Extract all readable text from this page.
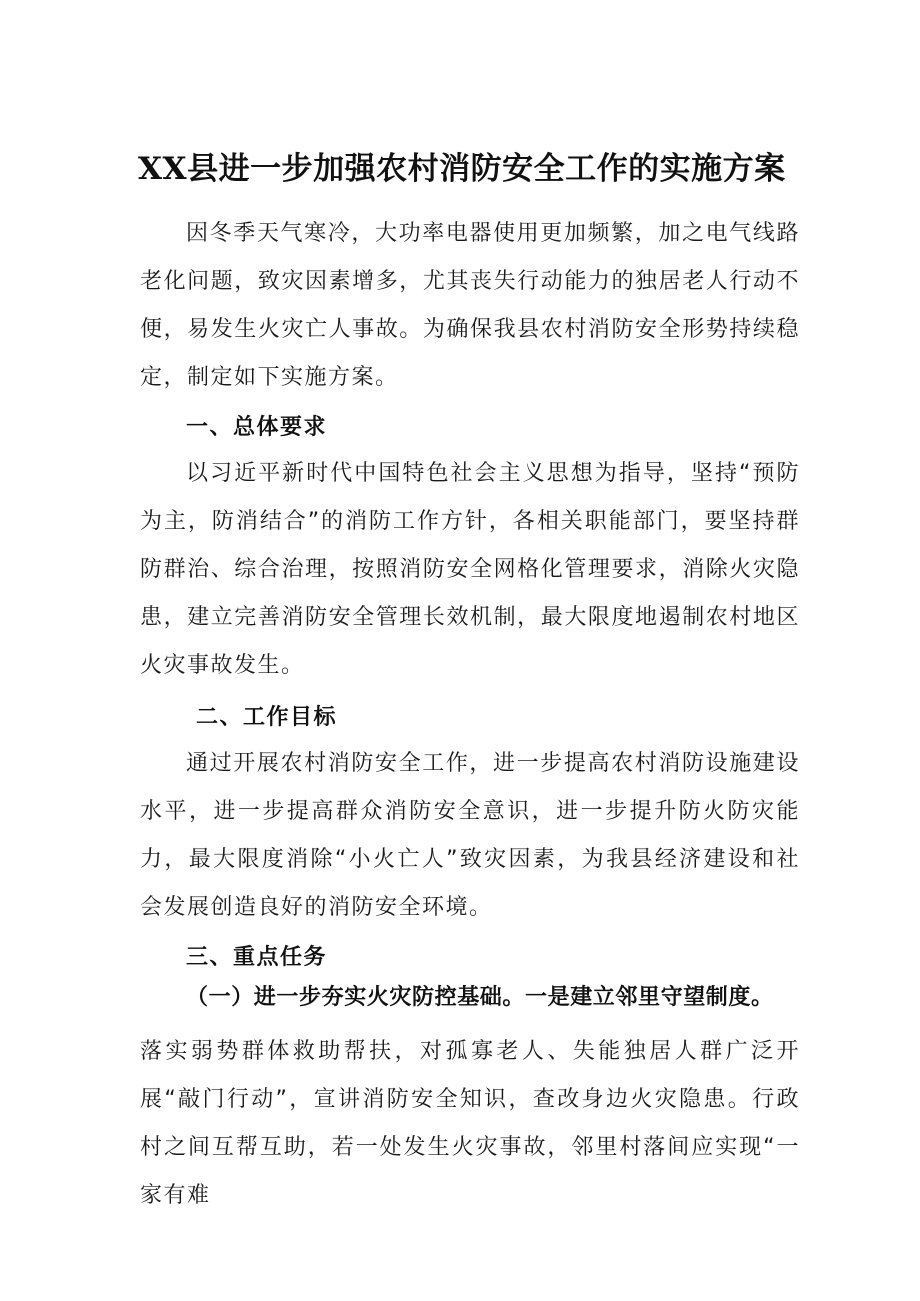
XX县进一步加强农村消防安全工作的实施方案

因冬季天气寒冷，大功率电器使用更加频繁，加之电气线路老化问题，致灾因素增多，尤其丧失行动能力的独居老人行动不便，易发生火灾亡人事故。为确保我县农村消防安全形势持续稳定，制定如下实施方案。

一、总体要求

以习近平新时代中国特色社会主义思想为指导，坚持“预防为主，防消结合”的消防工作方针，各相关职能部门，要坚持群防群治、综合治理，按照消防安全网格化管理要求，消除火灾隐患，建立完善消防安全管理长效机制，最大限度地遏制农村地区火灾事故发生。

二、工作目标

通过开展农村消防安全工作，进一步提高农村消防设施建设水平，进一步提高群众消防安全意识，进一步提升防火防灾能力，最大限度消除“小火亡人”致灾因素，为我县经济建设和社会发展创造良好的消防安全环境。

三、重点任务
（一）进一步夯实火灾防控基础。一是建立邻里守望制度。

落实弱势群体救助帮扶，对孤寡老人、失能独居人群广泛开展“敲门行动”，宣讲消防安全知识，查改身边火灾隐患。行政村之间互帮互助，若一处发生火灾事故，邻里村落间应实现“一家有难
